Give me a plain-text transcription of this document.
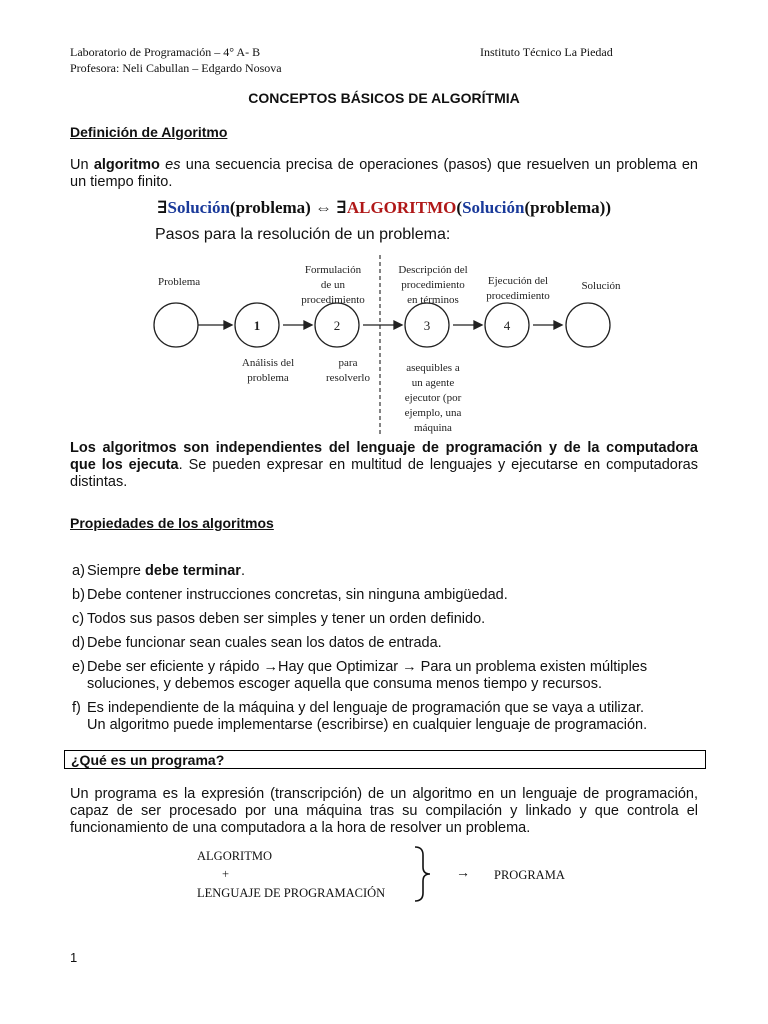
Laboratorio de Programación – 4° A- B
Profesora: Neli Cabullan – Edgardo Nosova
Instituto Técnico La Piedad
CONCEPTOS BÁSICOS DE ALGORÍTMIA
Definición de Algoritmo
Un algoritmo es una secuencia precisa de operaciones (pasos) que resuelven un problema en un tiempo finito.
∃Solución(problema) ⇔ ∃ALGORITMO(Solución(problema))
Pasos para la resolución de un problema:
1	2	3	4
Problema
Formulación
de un
procedimiento
Descripción del
procedimiento
en términos
Ejecución del
procedimiento
Solución
Análisis del
problema
para
resolverlo
asequibles a
un agente
ejecutor (por
ejemplo, una
máquina
Los algoritmos son independientes del lenguaje de programación y de la computadora que los ejecuta. Se pueden expresar en multitud de lenguajes y ejecutarse en computadoras distintas.
Propiedades de los algoritmos
a) Siempre debe terminar.
b) Debe contener instrucciones concretas, sin ninguna ambigüedad.
c) Todos sus pasos deben ser simples y tener un orden definido.
d) Debe funcionar sean cuales sean los datos de entrada.
e) Debe ser eficiente y rápido →Hay que Optimizar → Para un problema existen múltiples
soluciones, y debemos escoger aquella que consuma menos tiempo y recursos.
f) Es independiente de la máquina y del lenguaje de programación que se vaya a utilizar.
Un algoritmo puede implementarse (escribirse) en cualquier lenguaje de programación.
¿Qué es un programa?
Un programa es la expresión (transcripción) de un algoritmo en un lenguaje de programación, capaz de ser procesado por una máquina tras su compilación y linkado y que controla el funcionamiento de una computadora a la hora de resolver un problema.
ALGORITMO
+
LENGUAJE DE PROGRAMACIÓN
→ PROGRAMA
1
